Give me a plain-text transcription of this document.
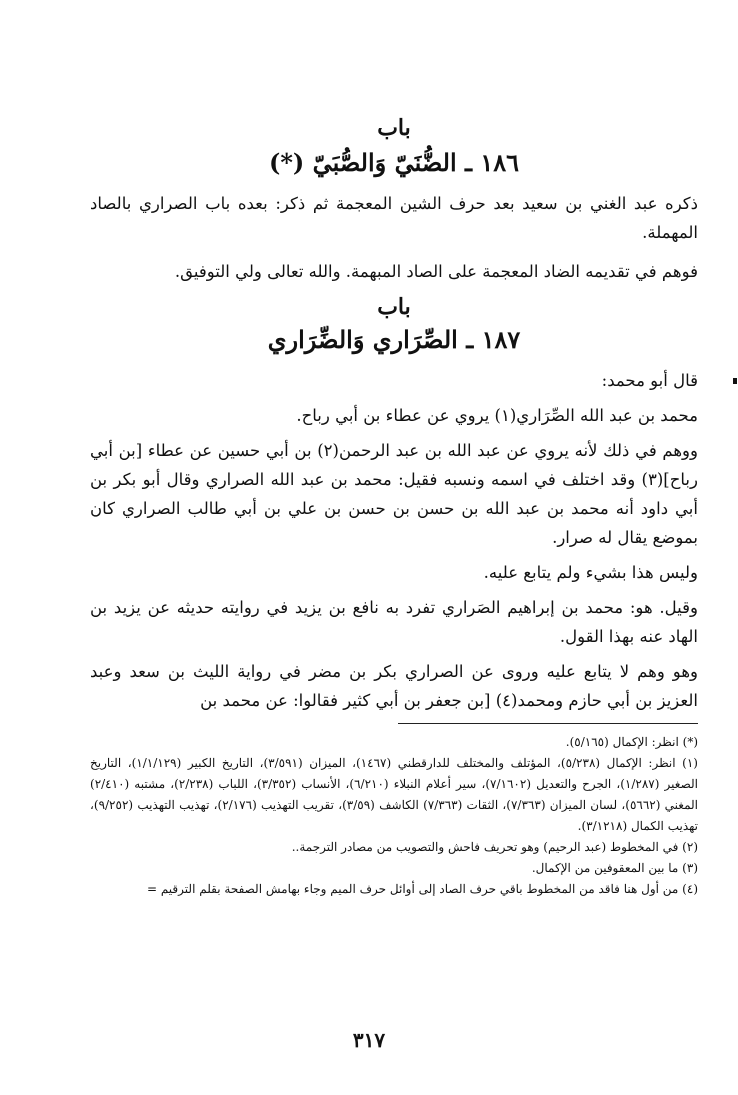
باب
١٨٦ ـ الضُّنَيّ وَالصُّبَيّ (*)

ذكره عبد الغني بن سعيد بعد حرف الشين المعجمة ثم ذكر: بعده باب الصراري بالصاد المهملة.

فوهم في تقديمه الضاد المعجمة على الصاد المبهمة. والله تعالى ولي التوفيق.

باب
١٨٧ ـ الصِّرَاري وَالضِّرَاري

قال أبو محمد:

محمد بن عبد الله الصِّرَاري(١) يروي عن عطاء بن أبي رباح.

ووهم في ذلك لأنه يروي عن عبد الله بن عبد الرحمن(٢) بن أبي حسين عن عطاء [بن أبي رباح](٣) وقد اختلف في اسمه ونسبه فقيل: محمد بن عبد الله الصراري وقال أبو بكر بن أبي داود أنه محمد بن عبد الله بن حسن بن حسن بن علي بن أبي طالب الصراري كان بموضع يقال له صرار.

وليس هذا بشيء ولم يتابع عليه.

وقيل. هو: محمد بن إبراهيم الصَراري تفرد به نافع بن يزيد في روايته حديثه عن يزيد بن الهاد عنه بهذا القول.

وهو وهم لا يتابع عليه وروى عن الصراري بكر بن مضر في رواية الليث بن سعد وعبد العزيز بن أبي حازم ومحمد(٤) [بن جعفر بن أبي كثير فقالوا: عن محمد بن

(*) انظر: الإكمال (٥/١٦٥).
(١) انظر: الإكمال (٥/٢٣٨)، المؤتلف والمختلف للدارقطني (١٤٦٧)، الميزان (٣/٥٩١)، التاريخ الكبير (١/١/١٢٩)، التاريخ الصغير (١/٢٨٧)، الجرح والتعديل (٧/١٦٠٢)، سير أعلام النبلاء (٦/٢١٠)، الأنساب (٣/٣٥٢)، اللباب (٢/٢٣٨)، مشتبه (٢/٤١٠) المغني (٥٦٦٢)، لسان الميزان (٧/٣٦٣)، الثقات (٧/٣٦٣) الكاشف (٣/٥٩)، تقريب التهذيب (٢/١٧٦)، تهذيب التهذيب (٩/٢٥٢)، تهذيب الكمال (٣/١٢١٨).
(٢) في المخطوط (عبد الرحيم) وهو تحريف فاحش والتصويب من مصادر الترجمة..
(٣) ما بين المعقوفين من الإكمال.
(٤) من أول هنا فاقد من المخطوط باقي حرف الصاد إلى أوائل حرف الميم وجاء بهامش الصفحة بقلم الترقيم =
٣١٧
